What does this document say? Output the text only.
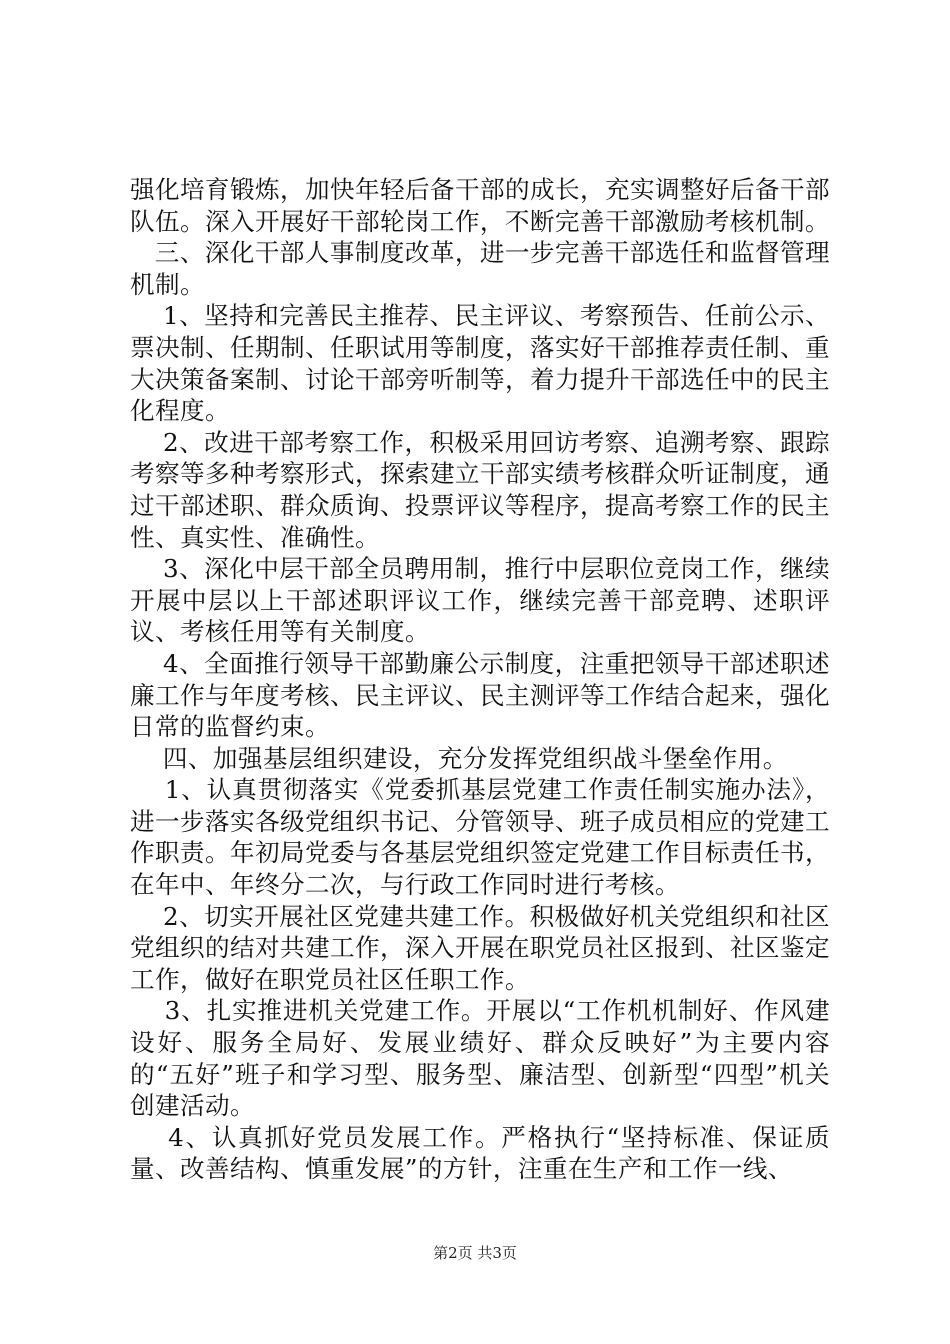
强化培育锻炼，加快年轻后备干部的成长，充实调整好后备干部队伍。深入开展好干部轮岗工作，不断完善干部激励考核机制。

三、深化干部人事制度改革，进一步完善干部选任和监督管理机制。

1、坚持和完善民主推荐、民主评议、考察预告、任前公示、票决制、任期制、任职试用等制度，落实好干部推荐责任制、重大决策备案制、讨论干部旁听制等，着力提升干部选任中的民主化程度。

2、改进干部考察工作，积极采用回访考察、追溯考察、跟踪考察等多种考察形式，探索建立干部实绩考核群众听证制度，通过干部述职、群众质询、投票评议等程序，提高考察工作的民主性、真实性、准确性。

3、深化中层干部全员聘用制，推行中层职位竞岗工作，继续开展中层以上干部述职评议工作，继续完善干部竞聘、述职评议、考核任用等有关制度。

4、全面推行领导干部勤廉公示制度，注重把领导干部述职述廉工作与年度考核、民主评议、民主测评等工作结合起来，强化日常的监督约束。

四、加强基层组织建设，充分发挥党组织战斗堡垒作用。

1、认真贯彻落实《党委抓基层党建工作责任制实施办法》，进一步落实各级党组织书记、分管领导、班子成员相应的党建工作职责。年初局党委与各基层党组织签定党建工作目标责任书，在年中、年终分二次，与行政工作同时进行考核。

2、切实开展社区党建共建工作。积极做好机关党组织和社区党组织的结对共建工作，深入开展在职党员社区报到、社区鉴定工作，做好在职党员社区任职工作。

3、扎实推进机关党建工作。开展以“工作机机制好、作风建设好、服务全局好、发展业绩好、群众反映好”为主要内容的“五好”班子和学习型、服务型、廉洁型、创新型“四型”机关创建活动。

4、认真抓好党员发展工作。严格执行“坚持标准、保证质量、改善结构、慎重发展”的方针，注重在生产和工作一线、

第2页 共3页
